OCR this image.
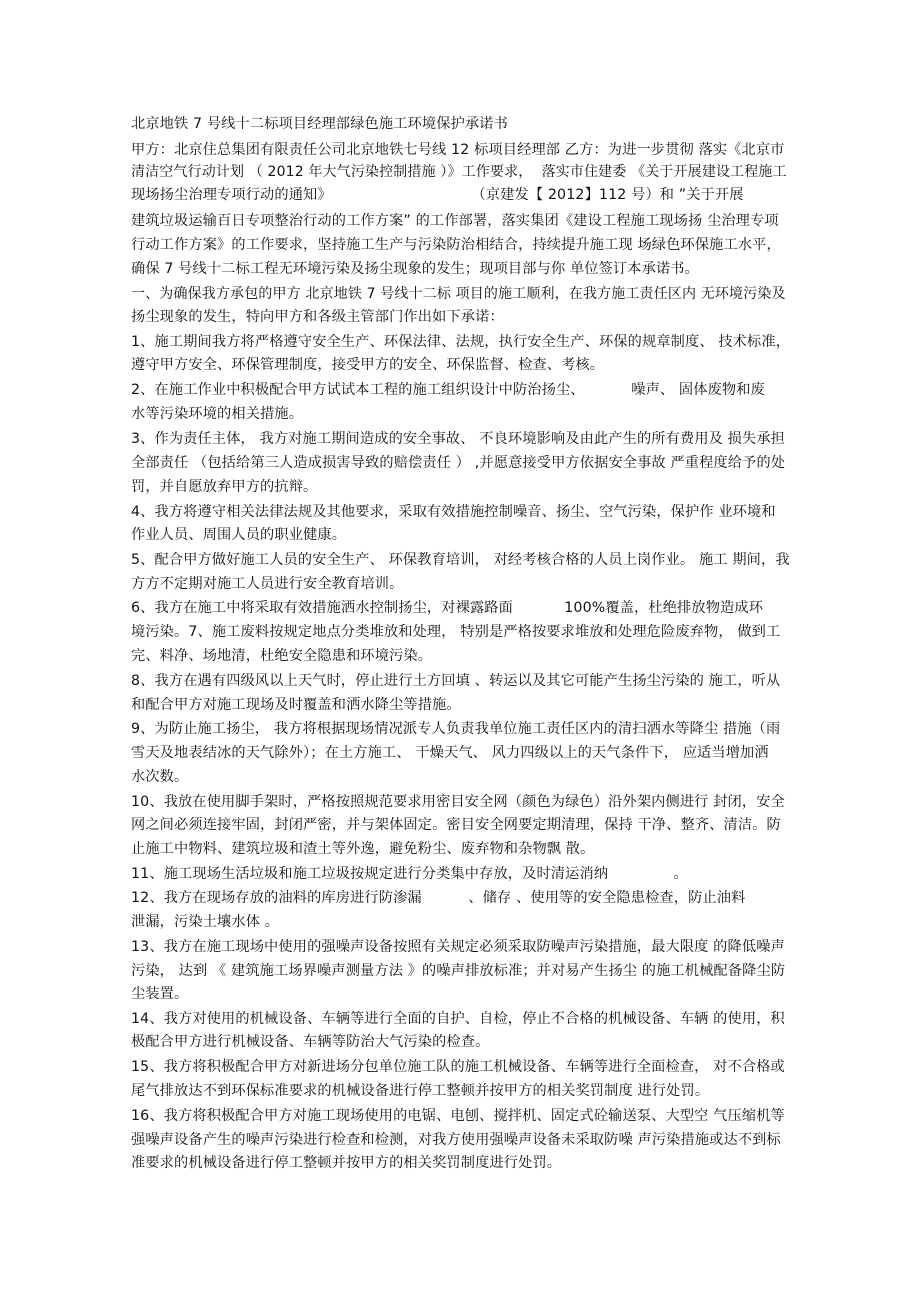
北京地铁 7 号线十二标项目经理部绿色施工环境保护承诺书

甲方：北京住总集团有限责任公司北京地铁七号线 12 标项目经理部 乙方：为进一步贯彻 落实《北京市

清洁空气行动计划 （ 2012 年大气污染控制措施 ）》工作要求，  落实市住建委 《关于开展建设工程施工

现场扬尘治理专项行动的通知》                              （京建发【 2012】112 号）和 ”关于开展

建筑垃圾运输百日专项整治行动的工作方案” 的工作部署，落实集团《建设工程施工现场扬 尘治理专项

行动工作方案》的工作要求，坚持施工生产与污染防治相结合，持续提升施工现 场绿色环保施工水平，

确保 7 号线十二标工程无环境污染及扬尘现象的发生；现项目部与你 单位签订本承诺书。

一、为确保我方承包的甲方 北京地铁 7 号线十二标 项目的施工顺利，在我方施工责任区内 无环境污染及

扬尘现象的发生，特向甲方和各级主管部门作出如下承诺：

1、施工期间我方将严格遵守安全生产、环保法律、法规，执行安全生产、环保的规章制度、 技术标准，

遵守甲方安全、环保管理制度，接受甲方的安全、环保监督、检查、考核。

2、在施工作业中积极配合甲方试试本工程的施工组织设计中防治扬尘、          噪声、 固体废物和废

水等污染环境的相关措施。

3、作为责任主体， 我方对施工期间造成的安全事故、 不良环境影响及由此产生的所有费用及 损失承担

全部责任 （包括给第三人造成损害导致的赔偿责任 ） ,并愿意接受甲方依据安全事故 严重程度给予的处

罚，并自愿放弃甲方的抗辩。

4、我方将遵守相关法律法规及其他要求，采取有效措施控制噪音、扬尘、空气污染，保护作 业环境和

作业人员、周围人员的职业健康。

5、配合甲方做好施工人员的安全生产、 环保教育培训， 对经考核合格的人员上岗作业。 施工 期间，我

方方不定期对施工人员进行安全教育培训。

6、我方在施工中将采取有效措施洒水控制扬尘，对裸露路面           100%覆盖，杜绝排放物造成环

境污染。7、施工废料按规定地点分类堆放和处理， 特别是严格按要求堆放和处理危险废弃物， 做到工

完、料净、场地清，杜绝安全隐患和环境污染。

8、我方在遇有四级风以上天气时，停止进行土方回填 、转运以及其它可能产生扬尘污染的 施工，听从

和配合甲方对施工现场及时覆盖和洒水降尘等措施。

9、为防止施工扬尘， 我方将根据现场情况派专人负责我单位施工责任区内的清扫洒水等降尘 措施（雨

雪天及地表结冰的天气除外）；在土方施工、 干燥天气、 风力四级以上的天气条件下， 应适当增加洒

水次数。

10、我放在使用脚手架时，严格按照规范要求用密目安全网（颜色为绿色）沿外架内侧进行 封闭，安全

网之间必须连接牢固，封闭严密，并与架体固定。密目安全网要定期清理，保持 干净、整齐、清洁。防

止施工中物料、建筑垃圾和渣土等外逸，避免粉尘、废弃物和杂物飘 散。

11、施工现场生活垃圾和施工垃圾按规定进行分类集中存放，及时清运消纳              。

12、我方在现场存放的油料的库房进行防渗漏          、储存 、使用等的安全隐患检查，防止油料

泄漏，污染土壤水体 。

13、我方在施工现场中使用的强噪声设备按照有关规定必须采取防噪声污染措施，最大限度 的降低噪声

污染， 达到 《 建筑施工场界噪声测量方法 》的噪声排放标准；并对易产生扬尘 的施工机械配备降尘防

尘装置。

14、我方对使用的机械设备、车辆等进行全面的自护、自检，停止不合格的机械设备、车辆 的使用，积

极配合甲方进行机械设备、车辆等防治大气污染的检查。

15、我方将积极配合甲方对新进场分包单位施工队的施工机械设备、车辆等进行全面检查， 对不合格或

尾气排放达不到环保标准要求的机械设备进行停工整顿并按甲方的相关奖罚制度 进行处罚。

16、我方将积极配合甲方对施工现场使用的电锯、电刨、搅拌机、固定式砼输送泵、大型空 气压缩机等

强噪声设备产生的噪声污染进行检查和检测，对我方使用强噪声设备未采取防噪 声污染措施或达不到标

准要求的机械设备进行停工整顿并按甲方的相关奖罚制度进行处罚。
